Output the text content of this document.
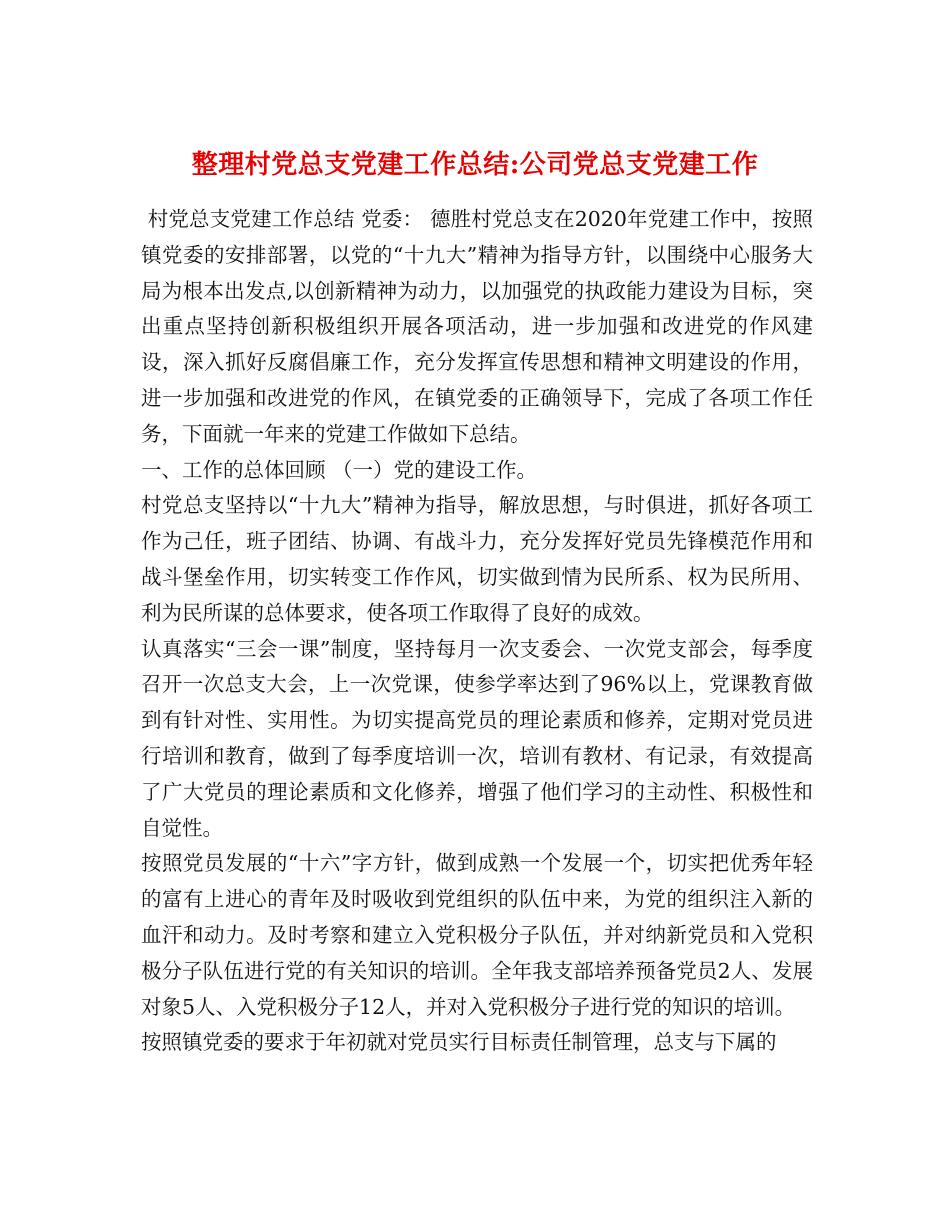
整理村党总支党建工作总结:公司党总支党建工作

村党总支党建工作总结 党委： 德胜村党总支在2020年党建工作中，按照镇党委的安排部署，以党的“十九大”精神为指导方针，以围绕中心服务大局为根本出发点,以创新精神为动力，以加强党的执政能力建设为目标，突出重点坚持创新积极组织开展各项活动，进一步加强和改进党的作风建设，深入抓好反腐倡廉工作，充分发挥宣传思想和精神文明建设的作用，进一步加强和改进党的作风，在镇党委的正确领导下，完成了各项工作任务，下面就一年来的党建工作做如下总结。

一、工作的总体回顾 （一）党的建设工作。

村党总支坚持以“十九大”精神为指导，解放思想，与时俱进，抓好各项工作为己任，班子团结、协调、有战斗力，充分发挥好党员先锋模范作用和战斗堡垒作用，切实转变工作作风，切实做到情为民所系、权为民所用、利为民所谋的总体要求，使各项工作取得了良好的成效。

认真落实“三会一课”制度，坚持每月一次支委会、一次党支部会，每季度召开一次总支大会，上一次党课，使参学率达到了96%以上，党课教育做到有针对性、实用性。为切实提高党员的理论素质和修养，定期对党员进行培训和教育，做到了每季度培训一次，培训有教材、有记录，有效提高了广大党员的理论素质和文化修养，增强了他们学习的主动性、积极性和自觉性。

按照党员发展的“十六”字方针，做到成熟一个发展一个，切实把优秀年轻的富有上进心的青年及时吸收到党组织的队伍中来，为党的组织注入新的血汗和动力。及时考察和建立入党积极分子队伍，并对纳新党员和入党积极分子队伍进行党的有关知识的培训。全年我支部培养预备党员2人、发展对象5人、入党积极分子12人，并对入党积极分子进行党的知识的培训。

按照镇党委的要求于年初就对党员实行目标责任制管理，总支与下属的
